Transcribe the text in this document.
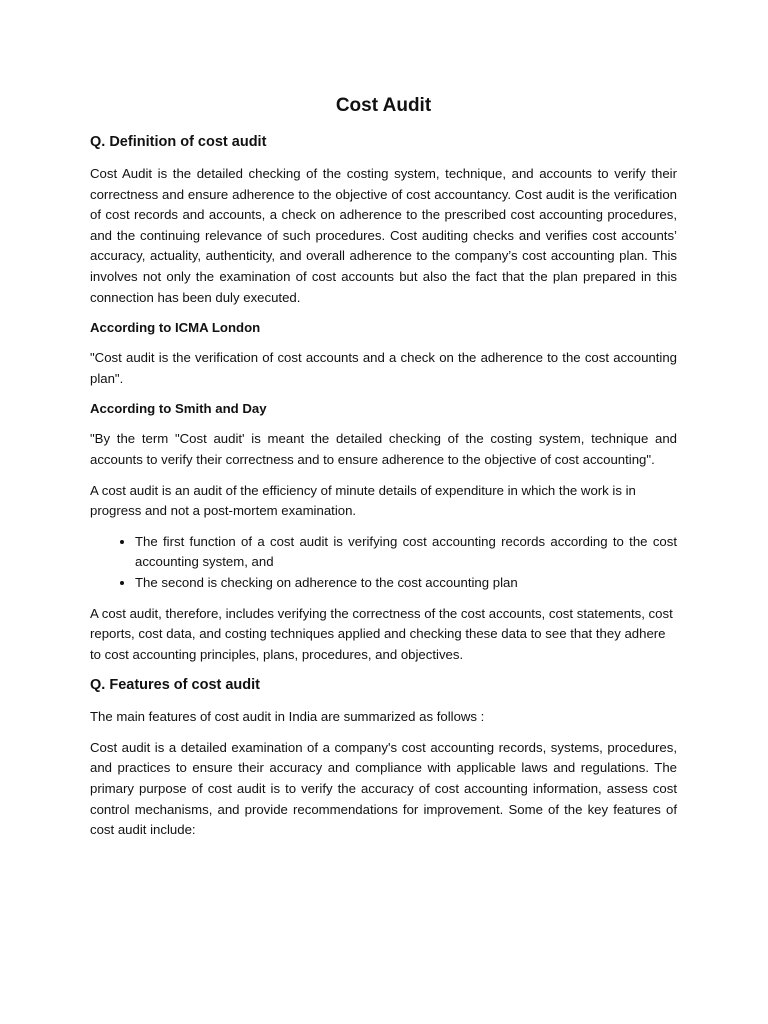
Cost Audit
Q. Definition of cost audit

Cost Audit is the detailed checking of the costing system, technique, and accounts to verify their correctness and ensure adherence to the objective of cost accountancy. Cost audit is the verification of cost records and accounts, a check on adherence to the prescribed cost accounting procedures, and the continuing relevance of such procedures. Cost auditing checks and verifies cost accounts’ accuracy, actuality, authenticity, and overall adherence to the company’s cost accounting plan. This involves not only the examination of cost accounts but also the fact that the plan prepared in this connection has been duly executed.

According to ICMA London

"Cost audit is the verification of cost accounts and a check on the adherence to the cost accounting plan".

According to Smith and Day

"By the term "Cost audit' is meant the detailed checking of the costing system, technique and accounts to verify their correctness and to ensure adherence to the objective of cost accounting".

A cost audit is an audit of the efficiency of minute details of expenditure in which the work is in progress and not a post-mortem examination.

• The first function of a cost audit is verifying cost accounting records according to the cost accounting system, and
• The second is checking on adherence to the cost accounting plan

A cost audit, therefore, includes verifying the correctness of the cost accounts, cost statements, cost reports, cost data, and costing techniques applied and checking these data to see that they adhere to cost accounting principles, plans, procedures, and objectives.

Q. Features of cost audit

The main features of cost audit in India are summarized as follows :

Cost audit is a detailed examination of a company's cost accounting records, systems, procedures, and practices to ensure their accuracy and compliance with applicable laws and regulations. The primary purpose of cost audit is to verify the accuracy of cost accounting information, assess cost control mechanisms, and provide recommendations for improvement. Some of the key features of cost audit include:
